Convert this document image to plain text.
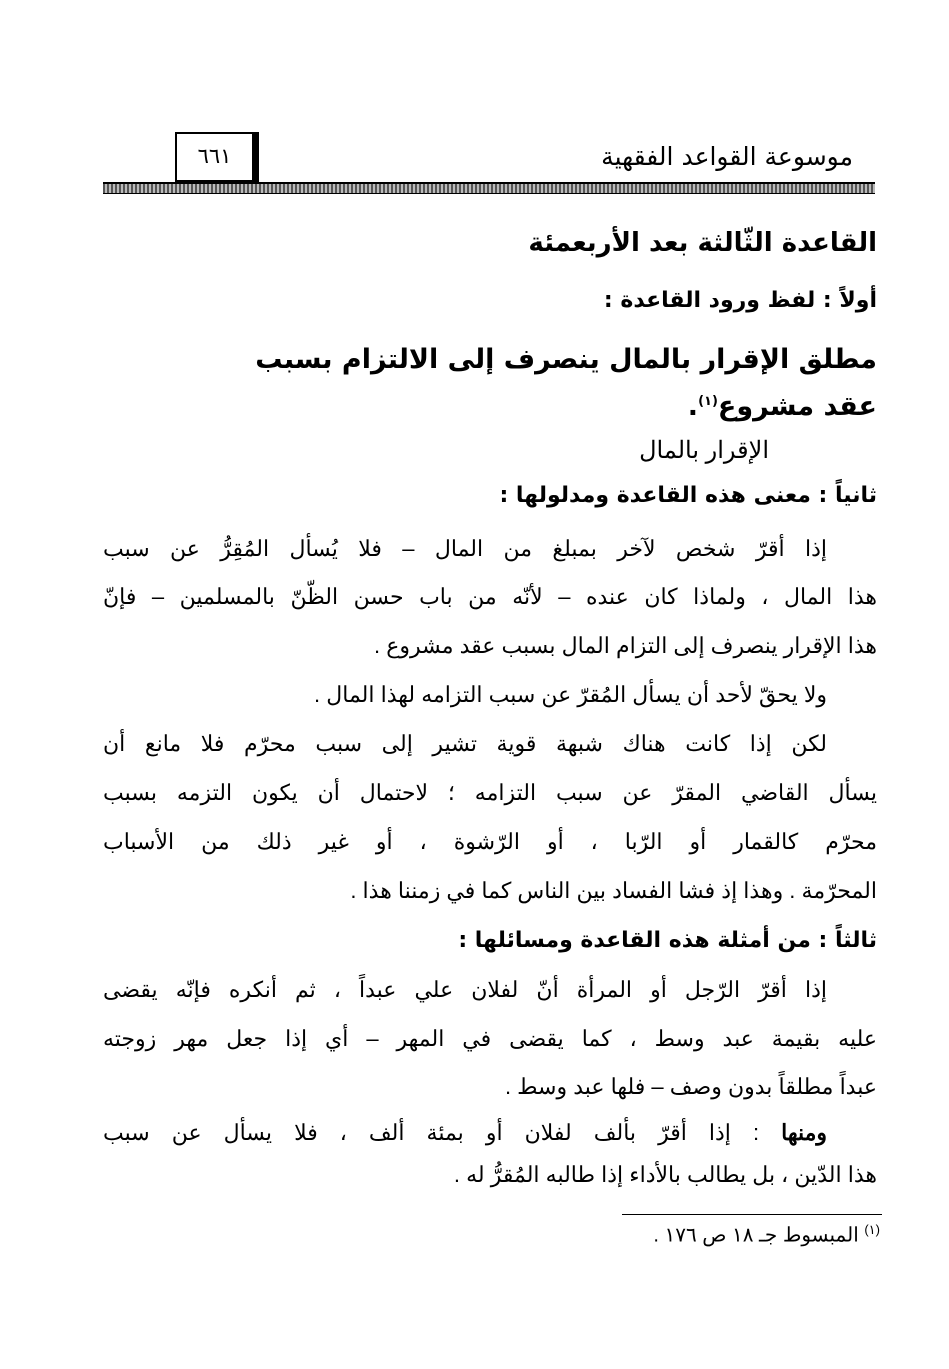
٦٦١	موسوعة القواعد الفقهية
القاعدة الثّالثة بعد الأربعمئة
أولاً : لفظ ورود القاعدة :
مطلق الإقرار بالمال ينصرف إلى الالتزام بسبب
عقد مشروع$^{(١)}$.
الإقرار بالمال
ثانياً : معنى هذه القاعدة ومدلولها :
إذا أقرّ شخص لآخر بمبلغ من المال – فلا يُسأل المُقِرُّ عن سبب
هذا المال ، ولماذا كان عنده – لأنّه من باب حسن الظّنّ بالمسلمين – فإنّ
هذا الإقرار ينصرف إلى التزام المال بسبب عقد مشروع .
ولا يحقّ لأحد أن يسأل المُقرّ عن سبب التزامه لهذا المال .
لكن إذا كانت هناك شبهة قوية تشير إلى سبب محرّم فلا مانع أن
يسأل القاضي المقرّ عن سبب التزامه ؛ لاحتمال أن يكون التزمه بسبب
محرّم كالقمار أو الرّبا ، أو الرّشوة ، أو غير ذلك من الأسباب
المحرّمة . وهذا إذ فشا الفساد بين الناس كما في زمننا هذا .
ثالثاً : من أمثلة هذه القاعدة ومسائلها :
إذا أقرّ الرّجل أو المرأة أنّ لفلان علي عبداً ، ثم أنكره فإنّه يقضى
عليه بقيمة عبد وسط ، كما يقضى في المهر – أي إذا جعل مهر زوجته
عبداً مطلقاً بدون وصف – فلها عبد وسط .
ومنها : إذا أقرّ بألف لفلان أو بمئة ألف ، فلا يسأل عن سبب
هذا الدّين ، بل يطالب بالأداء إذا طالبه المُقرُّ له .
$^{(١)}$ المبسوط جـ ١٨ ص ١٧٦ .
